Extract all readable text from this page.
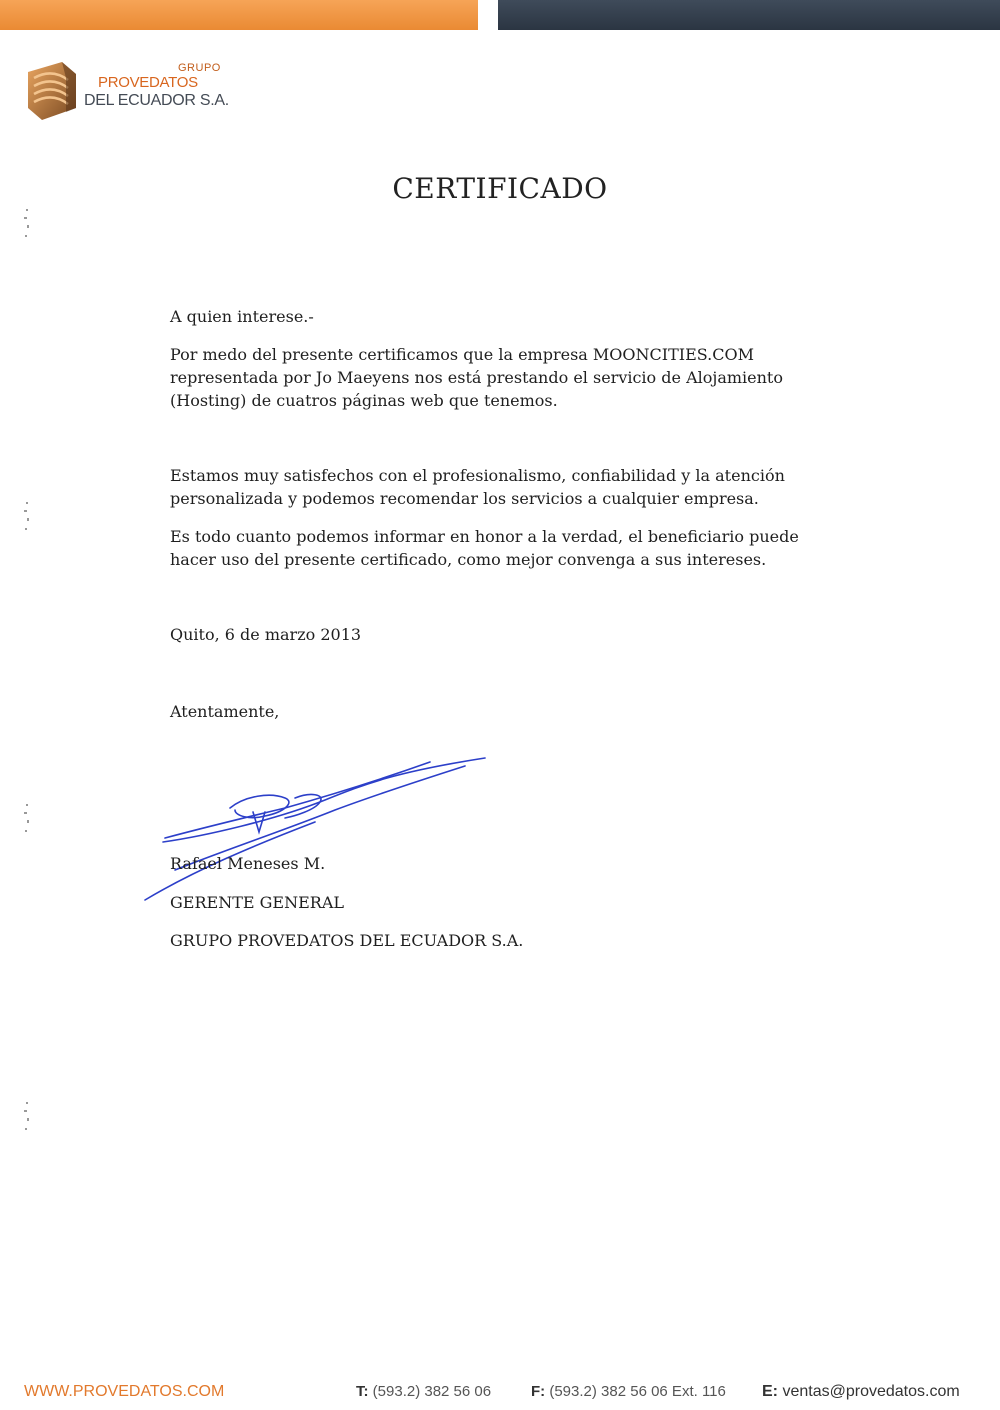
GRUPO
PROVEDATOS
DEL ECUADOR S.A.
CERTIFICADO
A quien interese.-
Por medo del presente certificamos que la empresa MOONCITIES.COM representada por Jo Maeyens nos está prestando el servicio de Alojamiento (Hosting) de cuatros páginas web que tenemos.
Estamos muy satisfechos con el profesionalismo, confiabilidad y la atención personalizada y podemos recomendar los servicios a cualquier empresa.
Es todo cuanto podemos informar en honor a la verdad, el beneficiario puede hacer uso del presente certificado, como mejor convenga a sus intereses.
Quito, 6 de marzo 2013
Atentamente,
Rafael Meneses M.
GERENTE GENERAL
GRUPO PROVEDATOS DEL ECUADOR S.A.
WWW.PROVEDATOS.COM	T: (593.2) 382 56 06	F: (593.2) 382 56 06 Ext. 116 E: ventas@provedatos.com
